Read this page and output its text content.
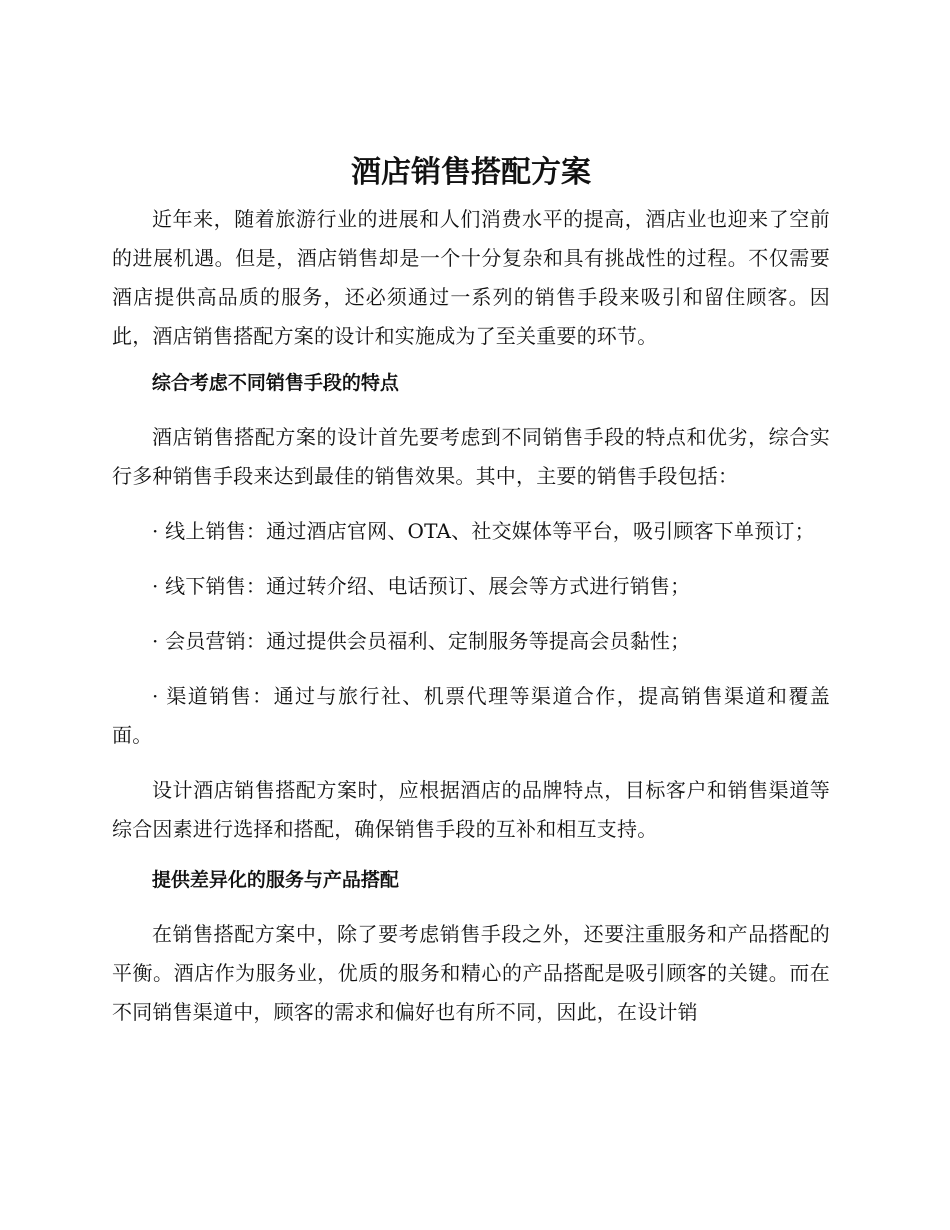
酒店销售搭配方案

近年来，随着旅游行业的进展和人们消费水平的提高，酒店业也迎来了空前的进展机遇。但是，酒店销售却是一个十分复杂和具有挑战性的过程。不仅需要酒店提供高品质的服务，还必须通过一系列的销售手段来吸引和留住顾客。因此，酒店销售搭配方案的设计和实施成为了至关重要的环节。

综合考虑不同销售手段的特点

酒店销售搭配方案的设计首先要考虑到不同销售手段的特点和优劣，综合实行多种销售手段来达到最佳的销售效果。其中，主要的销售手段包括：

· 线上销售：通过酒店官网、OTA、社交媒体等平台，吸引顾客下单预订；

· 线下销售：通过转介绍、电话预订、展会等方式进行销售；

· 会员营销：通过提供会员福利、定制服务等提高会员黏性；

· 渠道销售：通过与旅行社、机票代理等渠道合作，提高销售渠道和覆盖面。

设计酒店销售搭配方案时，应根据酒店的品牌特点，目标客户和销售渠道等综合因素进行选择和搭配，确保销售手段的互补和相互支持。

提供差异化的服务与产品搭配

在销售搭配方案中，除了要考虑销售手段之外，还要注重服务和产品搭配的平衡。酒店作为服务业，优质的服务和精心的产品搭配是吸引顾客的关键。而在不同销售渠道中，顾客的需求和偏好也有所不同，因此，在设计销
